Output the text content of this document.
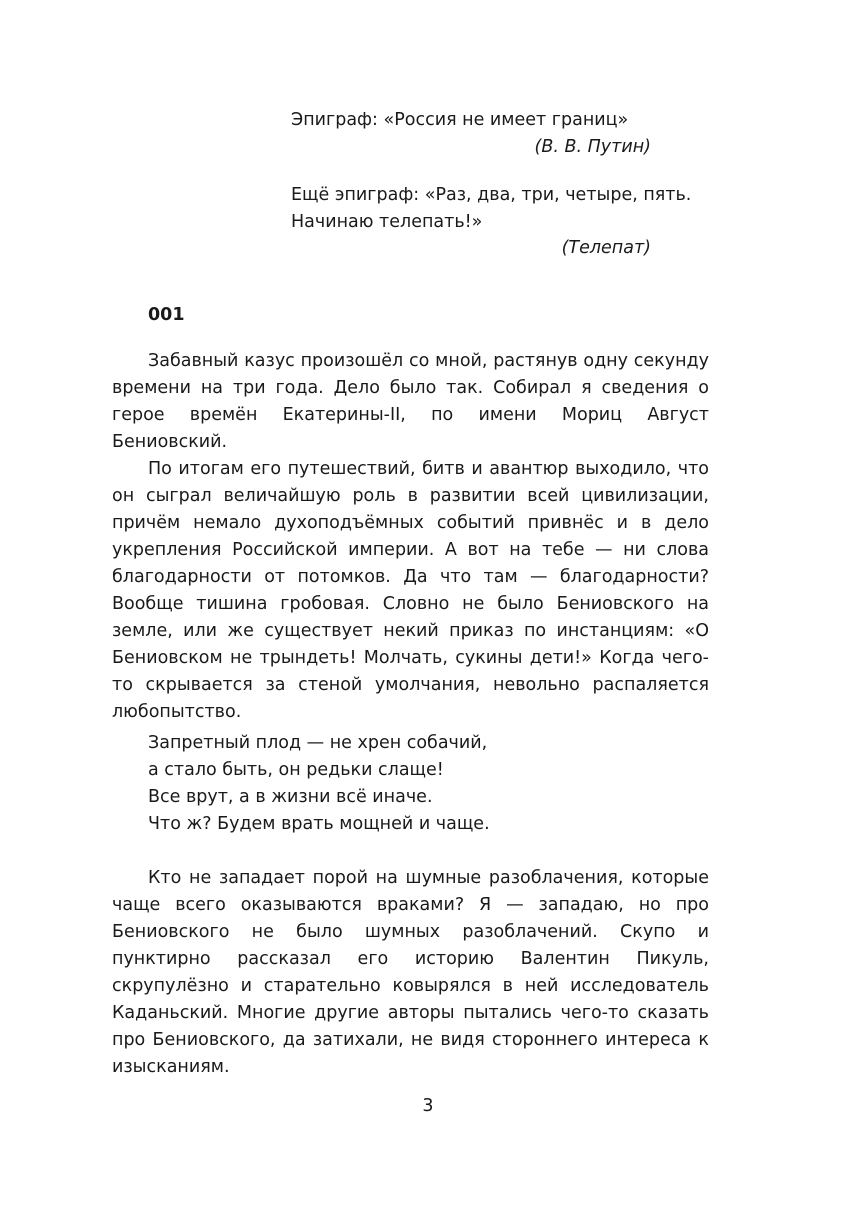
Эпиграф: «Россия не имеет границ»
(В. В. Путин)
Ещё эпиграф: «Раз, два, три, четыре, пять.
Начинаю телепать!»
(Телепат)
001

Забавный казус произошёл со мной, растянув одну секунду времени на три года. Дело было так. Собирал я сведения о герое времён Екатерины-II, по имени Мориц Август Бениовский.

По итогам его путешествий, битв и авантюр выходило, что он сыграл величайшую роль в развитии всей цивилизации, причём немало духоподъёмных событий привнёс и в дело укрепления Российской империи. А вот на тебе — ни слова благодарности от потомков. Да что там — благодарности? Вообще тишина гробовая. Словно не было Бениовского на земле, или же существует некий приказ по инстанциям: «О Бениовском не трындеть! Молчать, сукины дети!» Когда чего-то скрывается за стеной умолчания, невольно распаляется любопытство.

Запретный плод — не хрен собачий,
а стало быть, он редьки слаще!
Все врут, а в жизни всё иначе.
Что ж? Будем врать мощней и чаще.

Кто не западает порой на шумные разоблачения, которые чаще всего оказываются враками? Я — западаю, но про Бениовского не было шумных разоблачений. Скупо и пунктирно рассказал его историю Валентин Пикуль, скрупулёзно и старательно ковырялся в ней исследователь Каданьский. Многие другие авторы пытались чего-то сказать про Бениовского, да затихали, не видя стороннего интереса к изысканиям.

3
